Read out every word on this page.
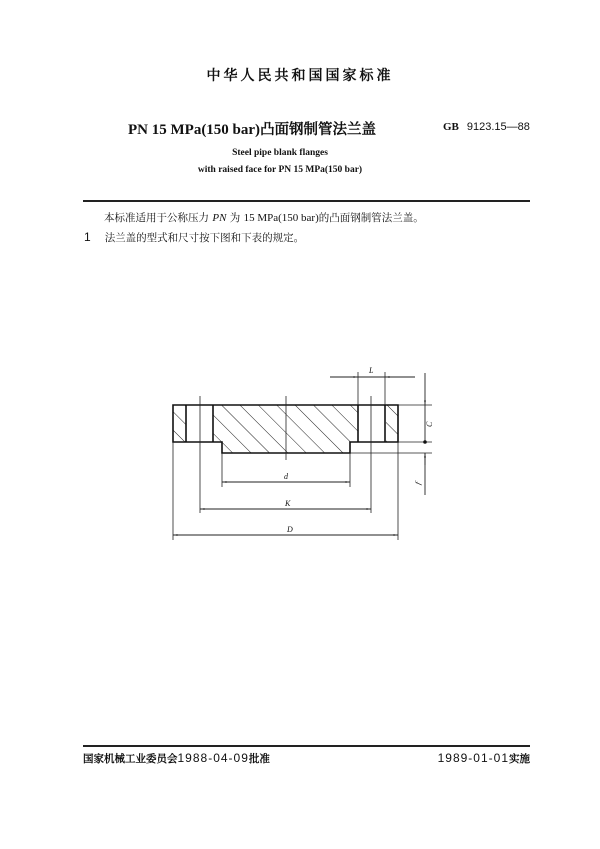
中华人民共和国国家标准
PN 15 MPa(150 bar)凸面钢制管法兰盖	GB 9123.15—88
Steel pipe blank flanges
with raised face for PN 15 MPa(150 bar)
本标准适用于公称压力 PN 为 15 MPa(150 bar)的凸面钢制管法兰盖。
1 法兰盖的型式和尺寸按下图和下表的规定。
L
C
f
d
K
D
国家机械工业委员会1988-04-09批准	1989-01-01实施
